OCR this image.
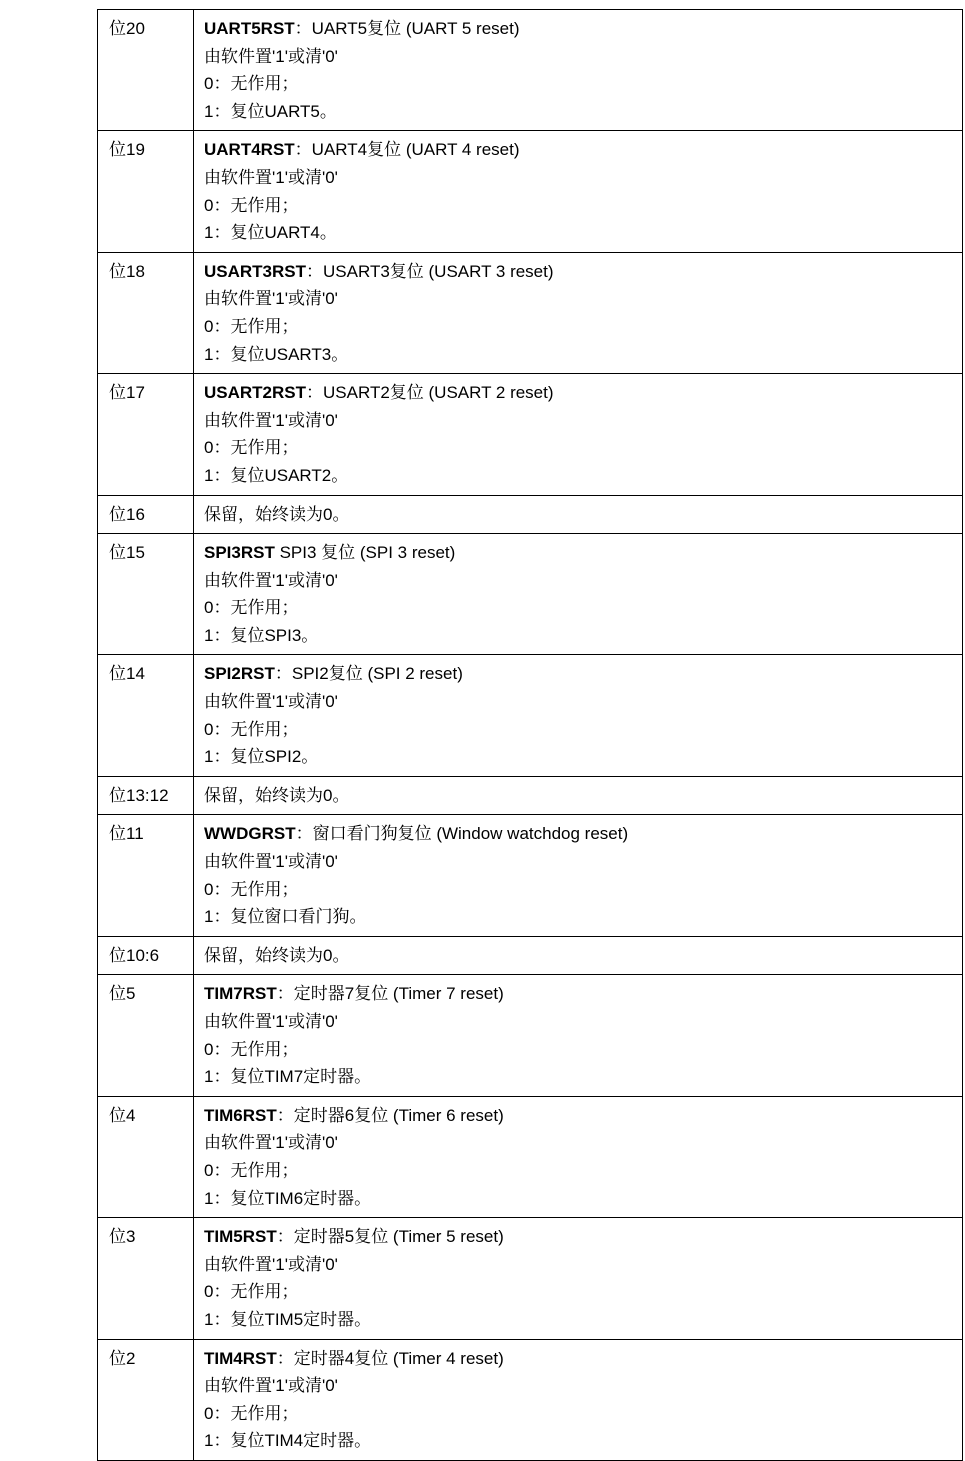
位20	UART5RST：UART5复位 (UART 5 reset)
由软件置'1'或清'0'
0：无作用；
1：复位UART5。

位19	UART4RST：UART4复位 (UART 4 reset)
由软件置'1'或清'0'
0：无作用；
1：复位UART4。

位18	USART3RST：USART3复位 (USART 3 reset)
由软件置'1'或清'0'
0：无作用；
1：复位USART3。

位17	USART2RST：USART2复位 (USART 2 reset)
由软件置'1'或清'0'
0：无作用；
1：复位USART2。

位16	保留，始终读为0。
位15	SPI3RST SPI3 复位 (SPI 3 reset)
由软件置'1'或清'0'
0：无作用；
1：复位SPI3。

位14	SPI2RST：SPI2复位 (SPI 2 reset)
由软件置'1'或清'0'
0：无作用；
1：复位SPI2。

位13:12	保留，始终读为0。
位11	WWDGRST：窗口看门狗复位 (Window watchdog reset)
由软件置'1'或清'0'
0：无作用；
1：复位窗口看门狗。

位10:6	保留，始终读为0。
位5	TIM7RST：定时器7复位 (Timer 7 reset)
由软件置'1'或清'0'
0：无作用；
1：复位TIM7定时器。

位4	TIM6RST：定时器6复位 (Timer 6 reset)
由软件置'1'或清'0'
0：无作用；
1：复位TIM6定时器。

位3	TIM5RST：定时器5复位 (Timer 5 reset)
由软件置'1'或清'0'
0：无作用；
1：复位TIM5定时器。

位2	TIM4RST：定时器4复位 (Timer 4 reset)
由软件置'1'或清'0'
0：无作用；
1：复位TIM4定时器。
